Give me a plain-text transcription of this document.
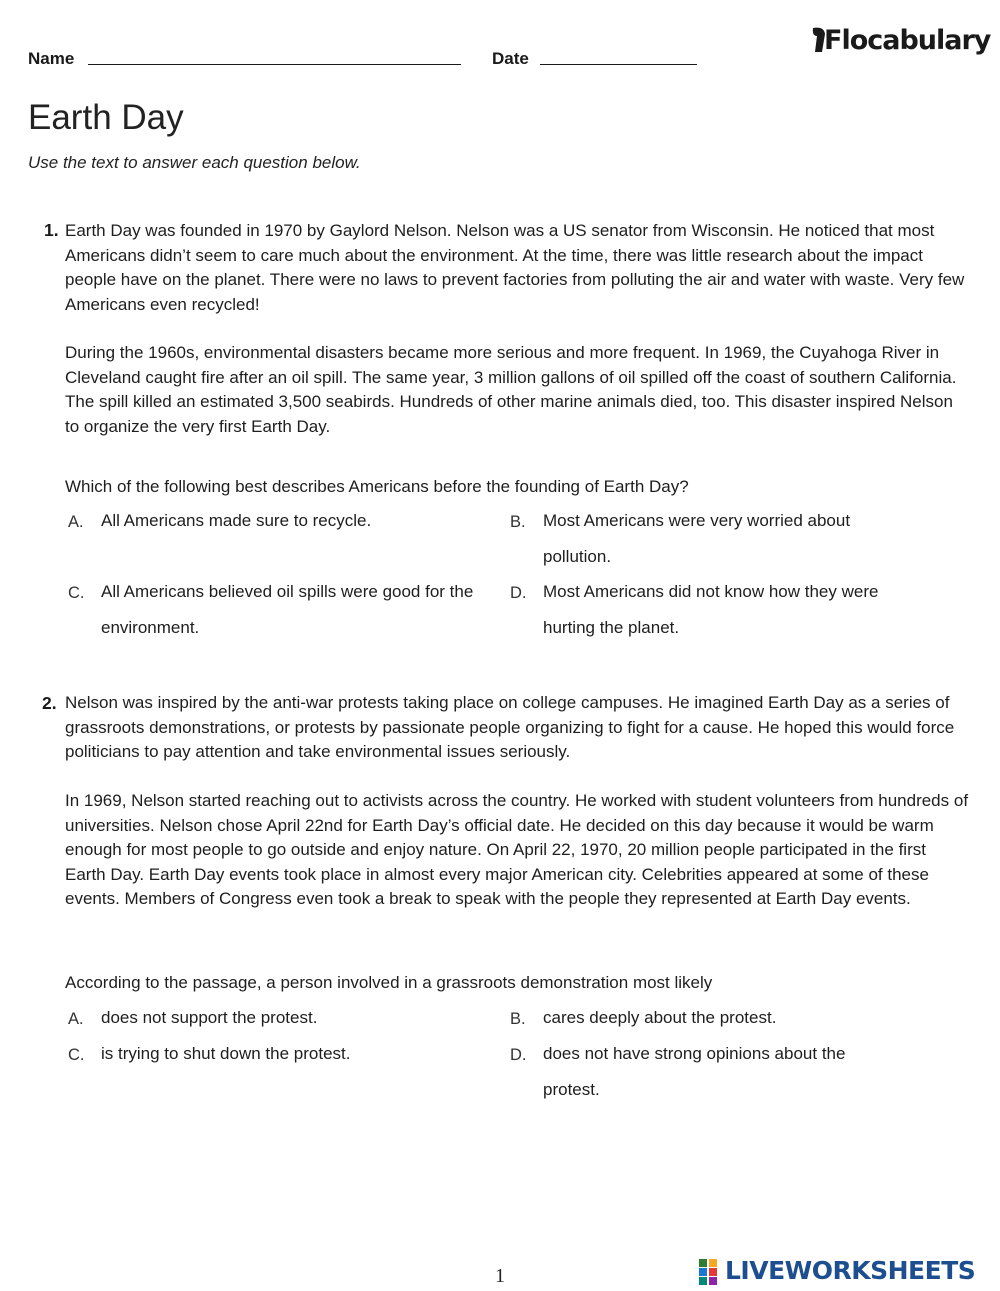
Name	Date
Flocabulary
Earth Day
Use the text to answer each question below.
1. Earth Day was founded in 1970 by Gaylord Nelson. Nelson was a US senator from Wisconsin. He noticed that most Americans didn’t seem to care much about the environment. At the time, there was little research about the impact people have on the planet. There were no laws to prevent factories from polluting the air and water with waste. Very few Americans even recycled!

During the 1960s, environmental disasters became more serious and more frequent. In 1969, the Cuyahoga River in Cleveland caught fire after an oil spill. The same year, 3 million gallons of oil spilled off the coast of southern California. The spill killed an estimated 3,500 seabirds. Hundreds of other marine animals died, too. This disaster inspired Nelson to organize the very first Earth Day.

Which of the following best describes Americans before the founding of Earth Day?
A. All Americans made sure to recycle.	B. Most Americans were very worried about pollution.
C. All Americans believed oil spills were good for the environment.
D. Most Americans did not know how they were hurting the planet.
2. Nelson was inspired by the anti-war protests taking place on college campuses. He imagined Earth Day as a series of grassroots demonstrations, or protests by passionate people organizing to fight for a cause. He hoped this would force politicians to pay attention and take environmental issues seriously.

In 1969, Nelson started reaching out to activists across the country. He worked with student volunteers from hundreds of universities. Nelson chose April 22nd for Earth Day’s official date. He decided on this day because it would be warm enough for most people to go outside and enjoy nature. On April 22, 1970, 20 million people participated in the first Earth Day. Earth Day events took place in almost every major American city. Celebrities appeared at some of these events. Members of Congress even took a break to speak with the people they represented at Earth Day events.

According to the passage, a person involved in a grassroots demonstration most likely
A. does not support the protest.	B. cares deeply about the protest.
C. is trying to shut down the protest.	D. does not have strong opinions about the protest.
1	LIVEWORKSHEETS
